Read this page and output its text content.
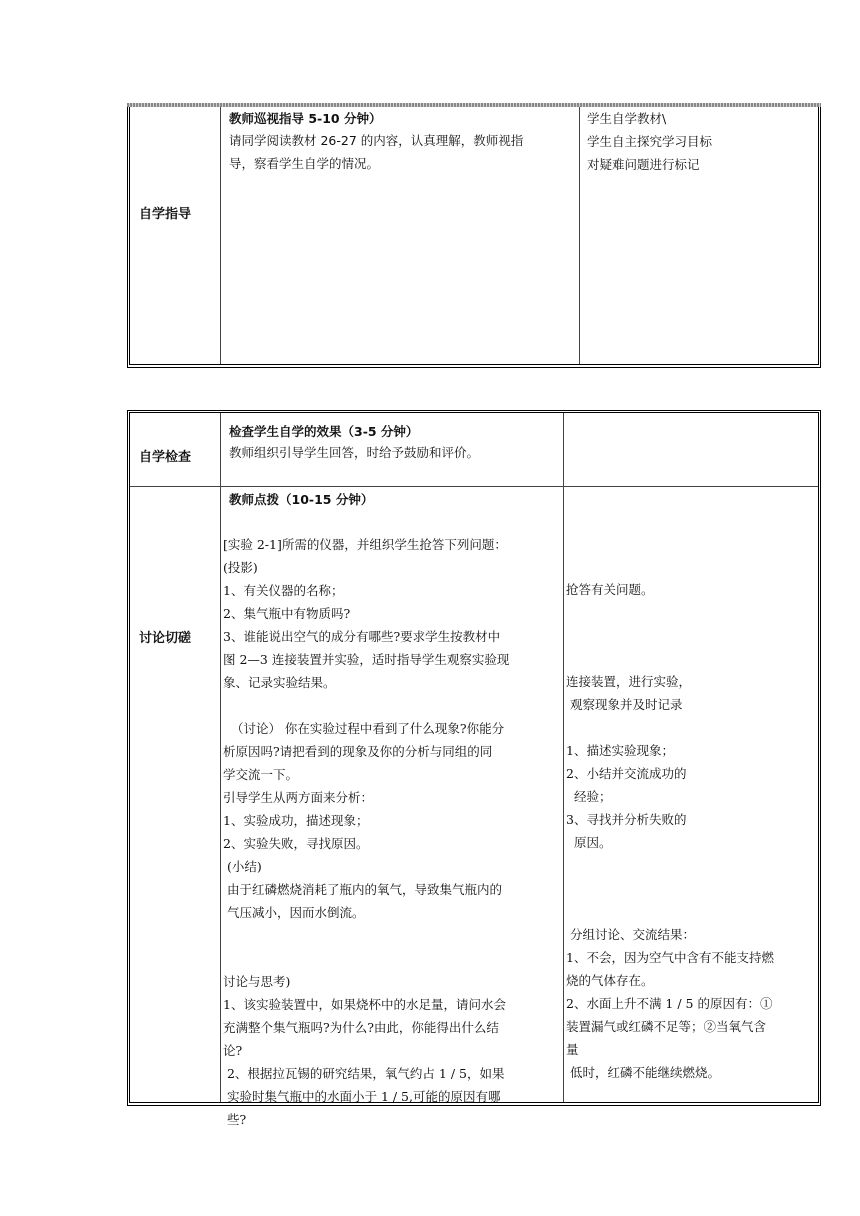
自学指导
教师巡视指导 5-10 分钟）
请同学阅读教材 26-27 的内容，认真理解，教师视指
导，察看学生自学的情况。
学生自学教材\
学生自主探究学习目标
对疑难问题进行标记
自学检查
检查学生自学的效果（3-5 分钟）
教师组织引导学生回答，时给予鼓励和评价。
讨论切磋
教师点拨（10-15 分钟）
[实验 2-1]所需的仪器，并组织学生抢答下列问题：
(投影)
1、有关仪器的名称；
2、集气瓶中有物质吗?
3、谁能说出空气的成分有哪些?要求学生按教材中
图 2—3 连接装置并实验，适时指导学生观察实验现
象、记录实验结果。

（讨论） 你在实验过程中看到了什么现象?你能分
析原因吗?请把看到的现象及你的分析与同组的同
学交流一下。
引导学生从两方面来分析：
1、实验成功，描述现象；
2、实验失败，寻找原因。
(小结)
由于红磷燃烧消耗了瓶内的氧气，导致集气瓶内的
气压减小，因而水倒流。

讨论与思考)
1、该实验装置中，如果烧杯中的水足量，请问水会
充满整个集气瓶吗?为什么?由此，你能得出什么结
论?
2、根据拉瓦锡的研究结果，氧气约占 1 / 5，如果
实验时集气瓶中的水面小于 1 / 5,可能的原因有哪
些?
抢答有关问题。

连接装置，进行实验，
观察现象并及时记录

1、描述实验现象；
2、小结并交流成功的
经验；
3、寻找并分析失败的
原因。

分组讨论、交流结果：
1、不会，因为空气中含有不能支持燃
烧的气体存在。
2、水面上升不满 1 / 5 的原因有：①
装置漏气或红磷不足等；②当氧气含
量
低时，红磷不能继续燃烧。
